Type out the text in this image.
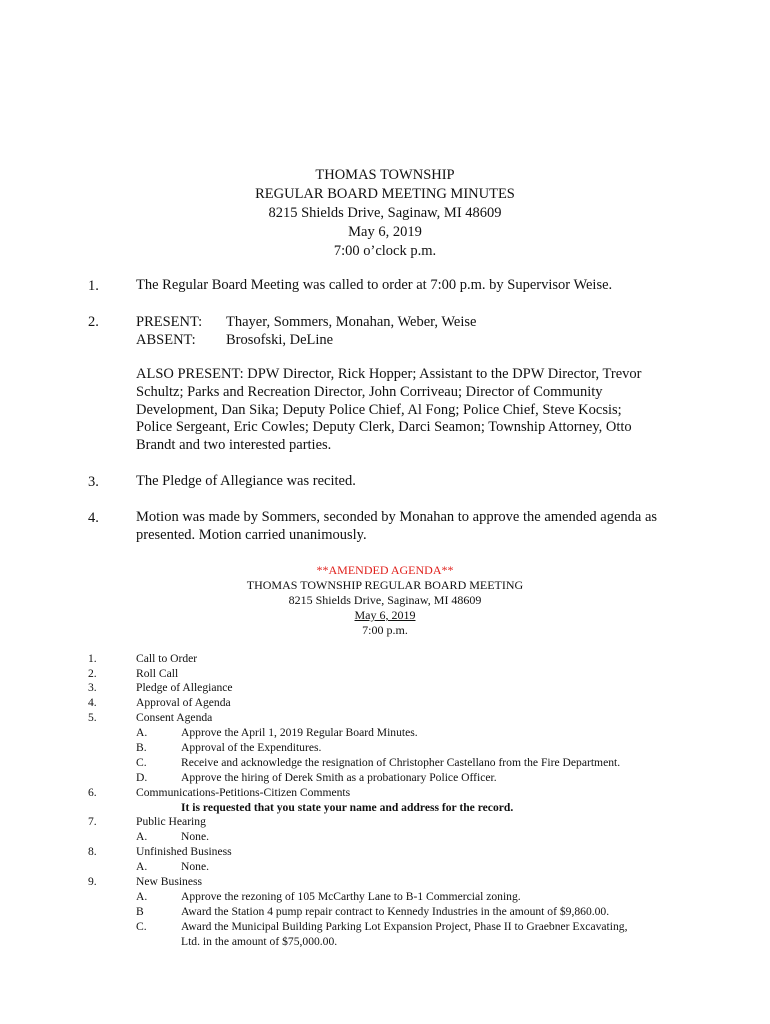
THOMAS TOWNSHIP
REGULAR BOARD MEETING MINUTES
8215 Shields Drive, Saginaw, MI 48609
May 6, 2019
7:00 o’clock p.m.
1.	The Regular Board Meeting was called to order at 7:00 p.m. by Supervisor Weise.
2.	PRESENT: Thayer, Sommers, Monahan, Weber, Weise
ABSENT: Brosofski, DeLine
ALSO PRESENT: DPW Director, Rick Hopper; Assistant to the DPW Director, Trevor
Schultz; Parks and Recreation Director, John Corriveau; Director of Community
Development, Dan Sika; Deputy Police Chief, Al Fong; Police Chief, Steve Kocsis;
Police Sergeant, Eric Cowles; Deputy Clerk, Darci Seamon; Township Attorney, Otto
Brandt and two interested parties.
3.	The Pledge of Allegiance was recited.
4.	Motion was made by Sommers, seconded by Monahan to approve the amended agenda as
presented. Motion carried unanimously.
**AMENDED AGENDA**
THOMAS TOWNSHIP REGULAR BOARD MEETING
8215 Shields Drive, Saginaw, MI 48609
May 6, 2019
7:00 p.m.
1.	Call to Order
2.	Roll Call
3.	Pledge of Allegiance
4.	Approval of Agenda
5.	Consent Agenda
A.	Approve the April 1, 2019 Regular Board Minutes.
B.	Approval of the Expenditures.
C.	Receive and acknowledge the resignation of Christopher Castellano from the Fire Department.
D.	Approve the hiring of Derek Smith as a probationary Police Officer.
6.	Communications-Petitions-Citizen Comments
It is requested that you state your name and address for the record.
7.	Public Hearing
A.	None.
8.	Unfinished Business
A.	None.
9.	New Business
A.	Approve the rezoning of 105 McCarthy Lane to B-1 Commercial zoning.
B	Award the Station 4 pump repair contract to Kennedy Industries in the amount of $9,860.00.
C.	Award the Municipal Building Parking Lot Expansion Project, Phase II to Graebner Excavating,
Ltd. in the amount of $75,000.00.
